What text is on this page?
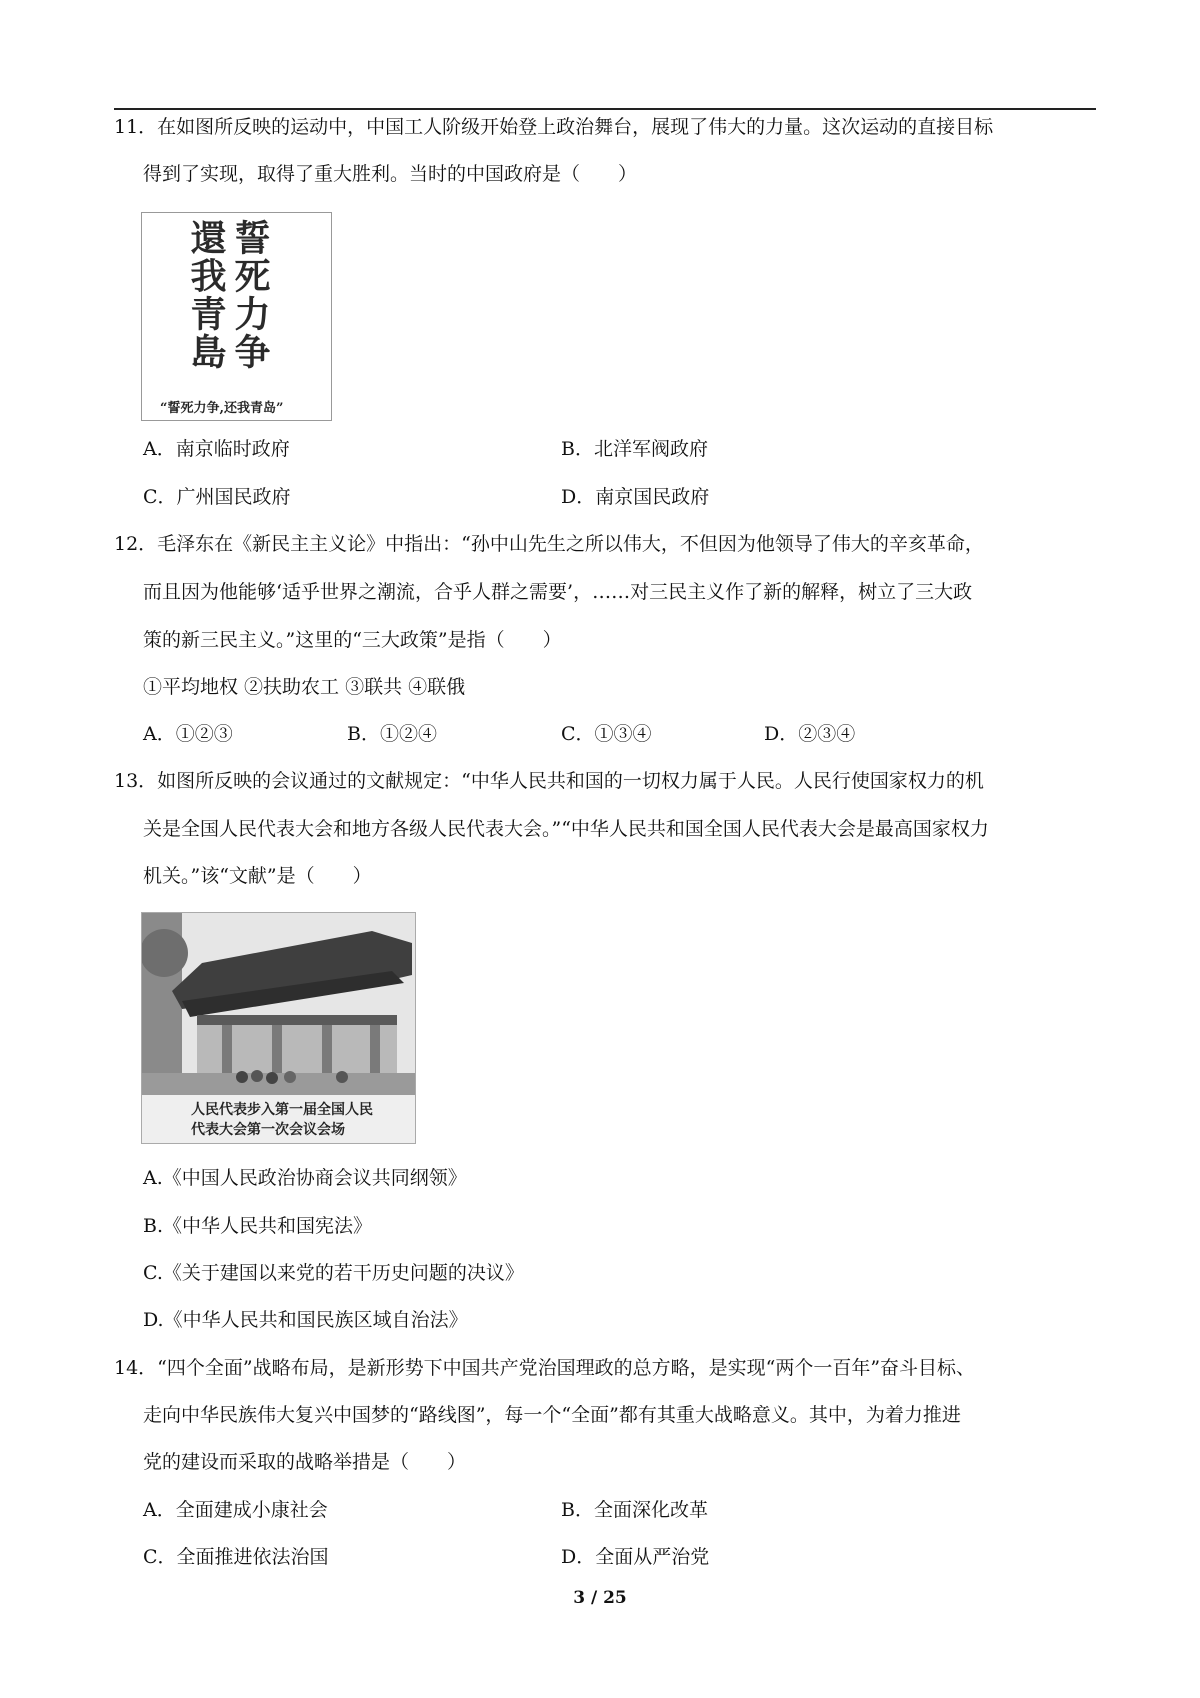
11．在如图所反映的运动中，中国工人阶级开始登上政治舞台，展现了伟大的力量。这次运动的直接目标
得到了实现，取得了重大胜利。当时的中国政府是（　　）
誓死力争
還我青島
“誓死力争,还我青岛”
A．南京临时政府	B．北洋军阀政府
C．广州国民政府	D．南京国民政府
12．毛泽东在《新民主主义论》中指出：“孙中山先生之所以伟大，不但因为他领导了伟大的辛亥革命，
而且因为他能够‘适乎世界之潮流，合乎人群之需要’，……对三民主义作了新的解释，树立了三大政
策的新三民主义。”这里的“三大政策”是指（　　）
①平均地权 ②扶助农工 ③联共 ④联俄
A．①②③	B．①②④	C．①③④	D．②③④
13．如图所反映的会议通过的文献规定：“中华人民共和国的一切权力属于人民。人民行使国家权力的机
关是全国人民代表大会和地方各级人民代表大会。”“中华人民共和国全国人民代表大会是最高国家权力
机关。”该“文献”是（　　）
人民代表步入第一届全国人民
代表大会第一次会议会场
A.《中国人民政治协商会议共同纲领》
B.《中华人民共和国宪法》
C.《关于建国以来党的若干历史问题的决议》
D.《中华人民共和国民族区域自治法》
14．“四个全面”战略布局，是新形势下中国共产党治国理政的总方略，是实现“两个一百年”奋斗目标、
走向中华民族伟大复兴中国梦的“路线图”，每一个“全面”都有其重大战略意义。其中，为着力推进
党的建设而采取的战略举措是（　　）
A．全面建成小康社会	B．全面深化改革
C．全面推进依法治国	D．全面从严治党
3 / 25
